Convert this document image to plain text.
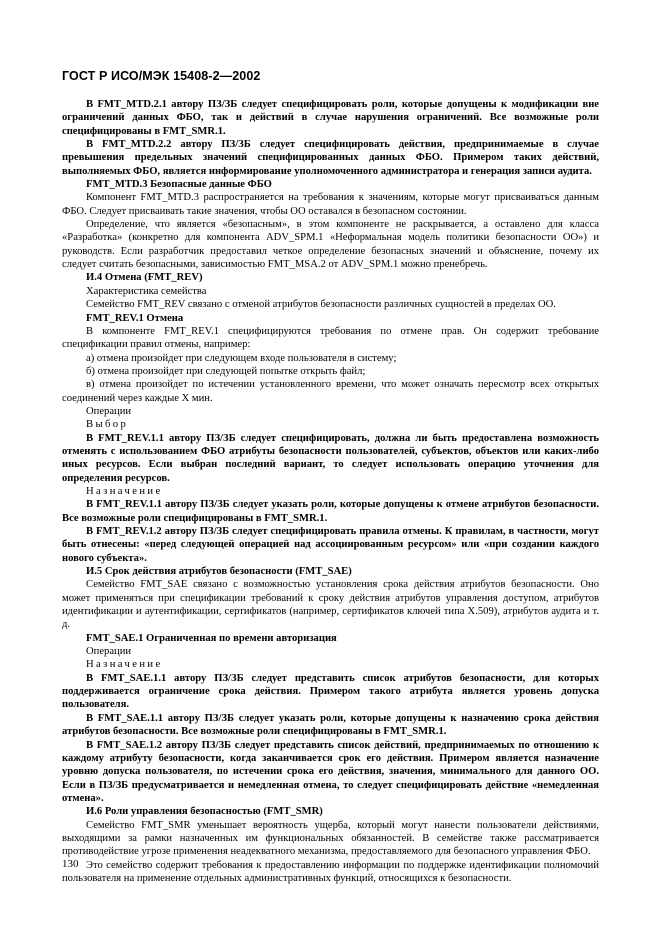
ГОСТ Р ИСО/МЭК 15408-2—2002

В FMT_MTD.2.1 автору ПЗ/ЗБ следует специфицировать роли, которые допущены к модификации вне ограничений данных ФБО, так и действий в случае нарушения ограничений. Все возможные роли специфицированы в FMT_SMR.1.

В FMT_MTD.2.2 автору ПЗ/ЗБ следует специфицировать действия, предпринимаемые в случае превышения предельных значений специфицированных данных ФБО. Примером таких действий, выполняемых ФБО, является информирование уполномоченного администратора и генерация записи аудита.

FMT_MTD.3 Безопасные данные ФБО

Компонент FMT_MTD.3 распространяется на требования к значениям, которые могут присваиваться данным ФБО. Следует присваивать такие значения, чтобы ОО оставался в безопасном состоянии.

Определение, что является «безопасным», в этом компоненте не раскрывается, а оставлено для класса «Разработка» (конкретно для компонента ADV_SPM.1 «Неформальная модель политики безопасности ОО») и руководств. Если разработчик предоставил четкое определение безопасных значений и объяснение, почему их следует считать безопасными, зависимостью FMT_MSA.2 от ADV_SPM.1 можно пренебречь.

И.4 Отмена (FMT_REV)

Характеристика семейства

Семейство FMT_REV связано с отменой атрибутов безопасности различных сущностей в пределах ОО.

FMT_REV.1 Отмена

В компоненте FMT_REV.1 специфицируются требования по отмене прав. Он содержит требование спецификации правил отмены, например:

а) отмена произойдет при следующем входе пользователя в систему;

б) отмена произойдет при следующей попытке открыть файл;

в) отмена произойдет по истечении установленного времени, что может означать пересмотр всех открытых соединений через каждые X мин.

Операции

Выбор

В FMT_REV.1.1 автору ПЗ/ЗБ следует специфицировать, должна ли быть предоставлена возможность отменять с использованием ФБО атрибуты безопасности пользователей, субъектов, объектов или каких-либо иных ресурсов. Если выбран последний вариант, то следует использовать операцию уточнения для определения ресурсов.

Назначение

В FMT_REV.1.1 автору ПЗ/ЗБ следует указать роли, которые допущены к отмене атрибутов безопасности. Все возможные роли специфицированы в FMT_SMR.1.

В FMT_REV.1.2 автору ПЗ/ЗБ следует специфицировать правила отмены. К правилам, в частности, могут быть отнесены: «перед следующей операцией над ассоциированным ресурсом» или «при создании каждого нового субъекта».

И.5 Срок действия атрибутов безопасности (FMT_SAE)

Семейство FMT_SAE связано с возможностью установления срока действия атрибутов безопасности. Оно может применяться при спецификации требований к сроку действия атрибутов управления доступом, атрибутов идентификации и аутентификации, сертификатов (например, сертификатов ключей типа X.509), атрибутов аудита и т. д.

FMT_SAE.1 Ограниченная по времени авторизация

Операции

Назначение

В FMT_SAE.1.1 автору ПЗ/ЗБ следует представить список атрибутов безопасности, для которых поддерживается ограничение срока действия. Примером такого атрибута является уровень допуска пользователя.

В FMT_SAE.1.1 автору ПЗ/ЗБ следует указать роли, которые допущены к назначению срока действия атрибутов безопасности. Все возможные роли специфицированы в FMT_SMR.1.

В FMT_SAE.1.2 автору ПЗ/ЗБ следует представить список действий, предпринимаемых по отношению к каждому атрибуту безопасности, когда заканчивается срок его действия. Примером является назначение уровню допуска пользователя, по истечении срока его действия, значения, минимального для данного ОО. Если в ПЗ/ЗБ предусматривается и немедленная отмена, то следует специфицировать действие «немедленная отмена».

И.6 Роли управления безопасностью (FMT_SMR)

Семейство FMT_SMR уменьшает вероятность ущерба, который могут нанести пользователи действиями, выходящими за рамки назначенных им функциональных обязанностей. В семействе также рассматривается противодействие угрозе применения неадекватного механизма, предоставляемого для безопасного управления ФБО.

Это семейство содержит требования к предоставлению информации по поддержке идентификации полномочий пользователя на применение отдельных административных функций, относящихся к безопасности.

130
